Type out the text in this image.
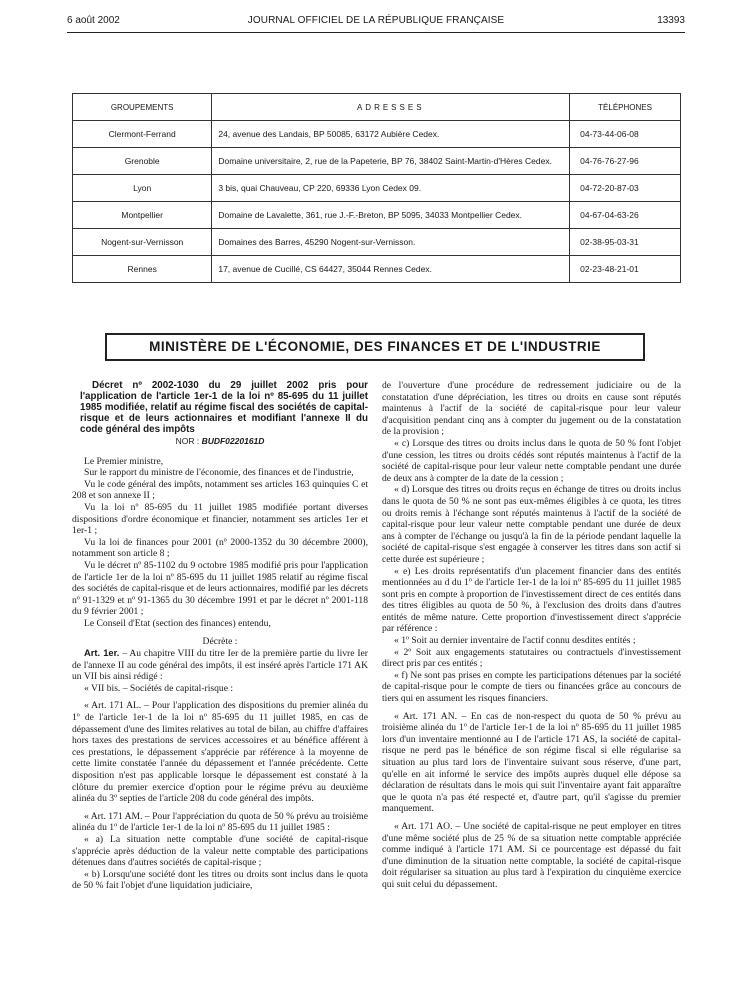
6 août 2002	JOURNAL OFFICIEL DE LA RÉPUBLIQUE FRANÇAISE	13393
GROUPEMENTS	ADRESSES	TÉLÉPHONES
Clermont-Ferrand	24, avenue des Landais, BP 50085, 63172 Aubière Cedex.	04-73-44-06-08
Grenoble	Domaine universitaire, 2, rue de la Papeterie, BP 76, 38402 Saint-Martin-d'Hères Cedex.	04-76-76-27-96
Lyon	3 bis, quai Chauveau, CP 220, 69336 Lyon Cedex 09.	04-72-20-87-03
Montpellier	Domaine de Lavalette, 361, rue J.-F.-Breton, BP 5095, 34033 Montpellier Cedex.	04-67-04-63-26
Nogent-sur-Vernisson	Domaines des Barres, 45290 Nogent-sur-Vernisson.	02-38-95-03-31
Rennes	17, avenue de Cucillé, CS 64427, 35044 Rennes Cedex.	02-23-48-21-01
MINISTÈRE DE L'ÉCONOMIE, DES FINANCES ET DE L'INDUSTRIE

Décret nº 2002-1030 du 29 juillet 2002 pris pour l'application de l'article 1er-1 de la loi nº 85-695 du 11 juillet 1985 modifiée, relatif au régime fiscal des sociétés de capital-risque et de leurs actionnaires et modifiant l'annexe II du code général des impôts

NOR : BUDF0220161D

Le Premier ministre,

Sur le rapport du ministre de l'économie, des finances et de l'industrie,

Vu le code général des impôts, notamment ses articles 163 quinquies C et 208 et son annexe II ;

Vu la loi nº 85-695 du 11 juillet 1985 modifiée portant diverses dispositions d'ordre économique et financier, notamment ses articles 1er et 1er-1 ;

Vu la loi de finances pour 2001 (nº 2000-1352 du 30 décembre 2000), notamment son article 8 ;

Vu le décret nº 85-1102 du 9 octobre 1985 modifié pris pour l'application de l'article 1er de la loi nº 85-695 du 11 juillet 1985 relatif au régime fiscal des sociétés de capital-risque et de leurs actionnaires, modifié par les décrets nº 91-1329 et nº 91-1365 du 30 décembre 1991 et par le décret nº 2001-118 du 9 février 2001 ;

Le Conseil d'Etat (section des finances) entendu,

Décrète :

Art. 1er. – Au chapitre VIII du titre Ier de la première partie du livre Ier de l'annexe II au code général des impôts, il est inséré après l'article 171 AK un VII bis ainsi rédigé :

« VII bis. – Sociétés de capital-risque :

« Art. 171 AL. – Pour l'application des dispositions du premier alinéa du 1º de l'article 1er-1 de la loi nº 85-695 du 11 juillet 1985, en cas de dépassement d'une des limites relatives au total de bilan, au chiffre d'affaires hors taxes des prestations de services accessoires et au bénéfice afférent à ces prestations, le dépassement s'apprécie par référence à la moyenne de cette limite constatée l'année du dépassement et l'année précédente. Cette disposition n'est pas applicable lorsque le dépassement est constaté à la clôture du premier exercice d'option pour le régime prévu au deuxième alinéa du 3º septies de l'article 208 du code général des impôts.

« Art. 171 AM. – Pour l'appréciation du quota de 50 % prévu au troisième alinéa du 1º de l'article 1er-1 de la loi nº 85-695 du 11 juillet 1985 :

« a) La situation nette comptable d'une société de capital-risque s'apprécie après déduction de la valeur nette comptable des participations détenues dans d'autres sociétés de capital-risque ;

« b) Lorsqu'une société dont les titres ou droits sont inclus dans le quota de 50 % fait l'objet d'une liquidation judiciaire,

de l'ouverture d'une procédure de redressement judiciaire ou de la constatation d'une dépréciation, les titres ou droits en cause sont réputés maintenus à l'actif de la société de capital-risque pour leur valeur d'acquisition pendant cinq ans à compter du jugement ou de la constatation de la provision ;

« c) Lorsque des titres ou droits inclus dans le quota de 50 % font l'objet d'une cession, les titres ou droits cédés sont réputés maintenus à l'actif de la société de capital-risque pour leur valeur nette comptable pendant une durée de deux ans à compter de la date de la cession ;

« d) Lorsque des titres ou droits reçus en échange de titres ou droits inclus dans le quota de 50 % ne sont pas eux-mêmes éligibles à ce quota, les titres ou droits remis à l'échange sont réputés maintenus à l'actif de la société de capital-risque pour leur valeur nette comptable pendant une durée de deux ans à compter de l'échange ou jusqu'à la fin de la période pendant laquelle la société de capital-risque s'est engagée à conserver les titres dans son actif si cette durée est supérieure ;

« e) Les droits représentatifs d'un placement financier dans des entités mentionnées au d du 1º de l'article 1er-1 de la loi nº 85-695 du 11 juillet 1985 sont pris en compte à proportion de l'investissement direct de ces entités dans des titres éligibles au quota de 50 %, à l'exclusion des droits dans d'autres entités de même nature. Cette proportion d'investissement direct s'apprécie par référence :

« 1º Soit au dernier inventaire de l'actif connu desdites entités ;

« 2º Soit aux engagements statutaires ou contractuels d'investissement direct pris par ces entités ;

« f) Ne sont pas prises en compte les participations détenues par la société de capital-risque pour le compte de tiers ou financées grâce au concours de tiers qui en assument les risques financiers.

« Art. 171 AN. – En cas de non-respect du quota de 50 % prévu au troisième alinéa du 1º de l'article 1er-1 de la loi nº 85-695 du 11 juillet 1985 lors d'un inventaire mentionné au I de l'article 171 AS, la société de capital-risque ne perd pas le bénéfice de son régime fiscal si elle régularise sa situation au plus tard lors de l'inventaire suivant sous réserve, d'une part, qu'elle en ait informé le service des impôts auprès duquel elle dépose sa déclaration de résultats dans le mois qui suit l'inventaire ayant fait apparaître que le quota n'a pas été respecté et, d'autre part, qu'il s'agisse du premier manquement.

« Art. 171 AO. – Une société de capital-risque ne peut employer en titres d'une même société plus de 25 % de sa situation nette comptable appréciée comme indiqué à l'article 171 AM. Si ce pourcentage est dépassé du fait d'une diminution de la situation nette comptable, la société de capital-risque doit régulariser sa situation au plus tard à l'expiration du cinquième exercice qui suit celui du dépassement.
